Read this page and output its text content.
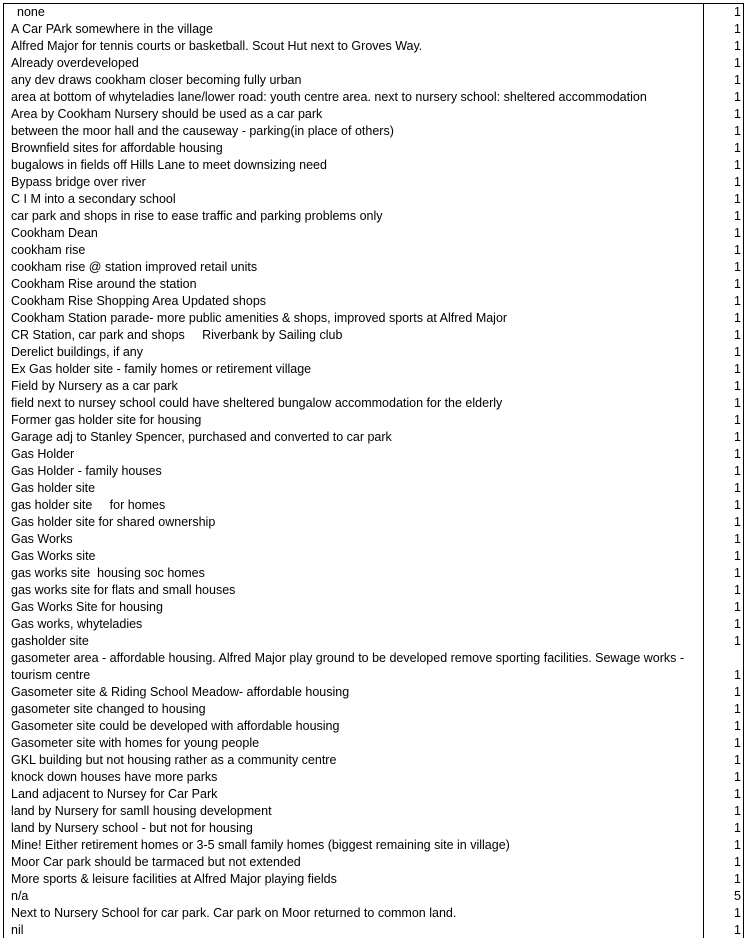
none	1
A Car PArk somewhere in the village	1
Alfred Major for tennis courts or basketball. Scout Hut next to Groves Way.	1
Already overdeveloped	1
any dev draws cookham closer becoming fully urban	1
area at bottom of whyteladies lane/lower road: youth centre area. next to nursery school: sheltered accommodation	1
Area by Cookham Nursery should be used as a car park	1
between the moor hall and the causeway - parking(in place of others)	1
Brownfield sites for affordable housing	1
bugalows in fields off Hills Lane to meet downsizing need	1
Bypass bridge over river	1
C I M into a secondary school	1
car park and shops in rise to ease traffic and parking problems only	1
Cookham Dean	1
cookham rise	1
cookham rise @ station improved retail units	1
Cookham Rise around the station	1
Cookham Rise Shopping Area Updated shops	1
Cookham Station parade- more public amenities & shops, improved sports at Alfred Major	1
CR Station, car park and shops     Riverbank by Sailing club	1
Derelict buildings, if any	1
Ex Gas holder site - family homes or retirement village	1
Field by Nursery as a car park	1
field next to nursey school could have sheltered bungalow accommodation for the elderly	1
Former gas holder site for housing	1
Garage adj to Stanley Spencer, purchased and converted to car park	1
Gas Holder	1
Gas Holder - family houses	1
Gas holder site	1
gas holder site     for homes	1
Gas holder site for shared ownership	1
Gas Works	1
Gas Works site	1
gas works site  housing soc homes	1
gas works site for flats and small houses	1
Gas Works Site for housing	1
Gas works, whyteladies	1
gasholder site	1
gasometer area - affordable housing. Alfred Major play ground to be developed remove sporting facilities. Sewage works - tourism centre	1
Gasometer site & Riding School Meadow- affordable housing	1
gasometer site changed to housing	1
Gasometer site could be developed with affordable housing	1
Gasometer site with homes for young people	1
GKL building but not housing rather as a community centre	1
knock down houses have more parks	1
Land adjacent to Nursey for Car Park	1
land by Nursery for samll housing development	1
land by Nursery school - but not for housing	1
Mine! Either retirement homes or 3-5 small family homes (biggest remaining site in village)	1
Moor Car park should be tarmaced but not extended	1
More sports & leisure facilities at Alfred Major playing fields	1
n/a	5
Next to Nursery School for car park. Car park on Moor returned to common land.	1
nil	1
